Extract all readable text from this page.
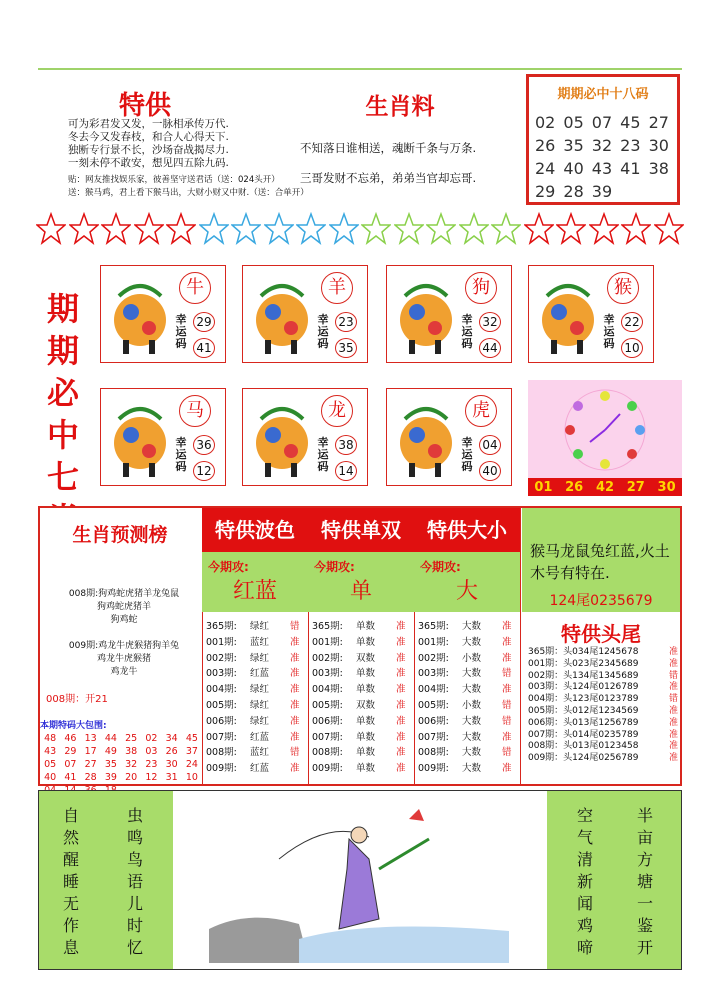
特供
可为彩君发又发，一脉相承传万代.
冬去今又发春枝，和合人心得天下.
独断专行景不长，沙场奋战揭尽力.
一刻未停不敢安，想见四五除九码.
贴：网友推找娱乐家，彼善坚守送君话（送：024头开）
送：猴马鸡，君上看下猴马出，大财小财又中财.（送：合单开）
生肖料
不知落日谁相送，魂断千条与万条.
三哥发财不忘弟，弟弟当官却忘哥.
期期必中十八码
02 05 07 45 27
26 35 32 23 30
24 40 43 41 38
29 28 39
期
期
必
中
七
牛
幸运码
29
41
羊
幸运码
23
35
狗
幸运码
32
44
猴
幸运码
22
10
马
幸运码
36
12
龙
幸运码
38
14
虎
幸运码
04
40
01 26 42 27 30
生肖预测榜
008期:狗鸡蛇虎猪羊龙兔鼠
狗鸡蛇虎猪羊
狗鸡蛇
009期:鸡龙牛虎猴猪狗羊兔
鸡龙牛虎猴猪
鸡龙牛
008期：开21
本期特码大包围:
48 46 13 44 25 02 34 45
43 29 17 49 38 03 26 37
05 07 27 35 32 23 30 24
40 41 28 39 20 12 31 10
特供波色
今期攻:
红蓝
365期:	绿红	错
001期:	蓝红	准
002期:	绿红	准
003期:	红蓝	准
004期:	绿红	准
005期:	绿红	准
006期:	绿红	准
007期:	红蓝	准
008期:	蓝红	错
009期:	红蓝	准
特供单双
今期攻:
单
365期:	单数	准
001期:	单数	准
002期:	双数	准
003期:	单数	准
004期:	单数	准
005期:	双数	准
006期:	单数	准
007期:	单数	准
008期:	单数	准
009期:	单数	准
特供大小
今期攻:
大
365期:	大数	准
001期:	大数	准
002期:	小数	准
003期:	大数	错
004期:	大数	准
005期:	小数	错
006期:	大数	错
007期:	大数	准
008期:	大数	错
009期:	大数	准
猴马龙鼠兔红蓝,火土木号有特在.
124尾0235679
特供头尾
365期：头034尾1245678	准
001期：头023尾2345689	准
002期：头134尾1345689	错
003期：头124尾0126789	准
004期：头123尾0123789	错
005期：头012尾1234569	准
006期：头013尾1256789	准
007期：头014尾0235789	准
008期：头013尾0123458	准
009期：头124尾0256789	准
自
然
醒
睡
无
作
息
虫
鸣
鸟
语
儿
时
忆
空
气
清
新
闻
鸡
啼
半
亩
方
塘
一
鉴
开
